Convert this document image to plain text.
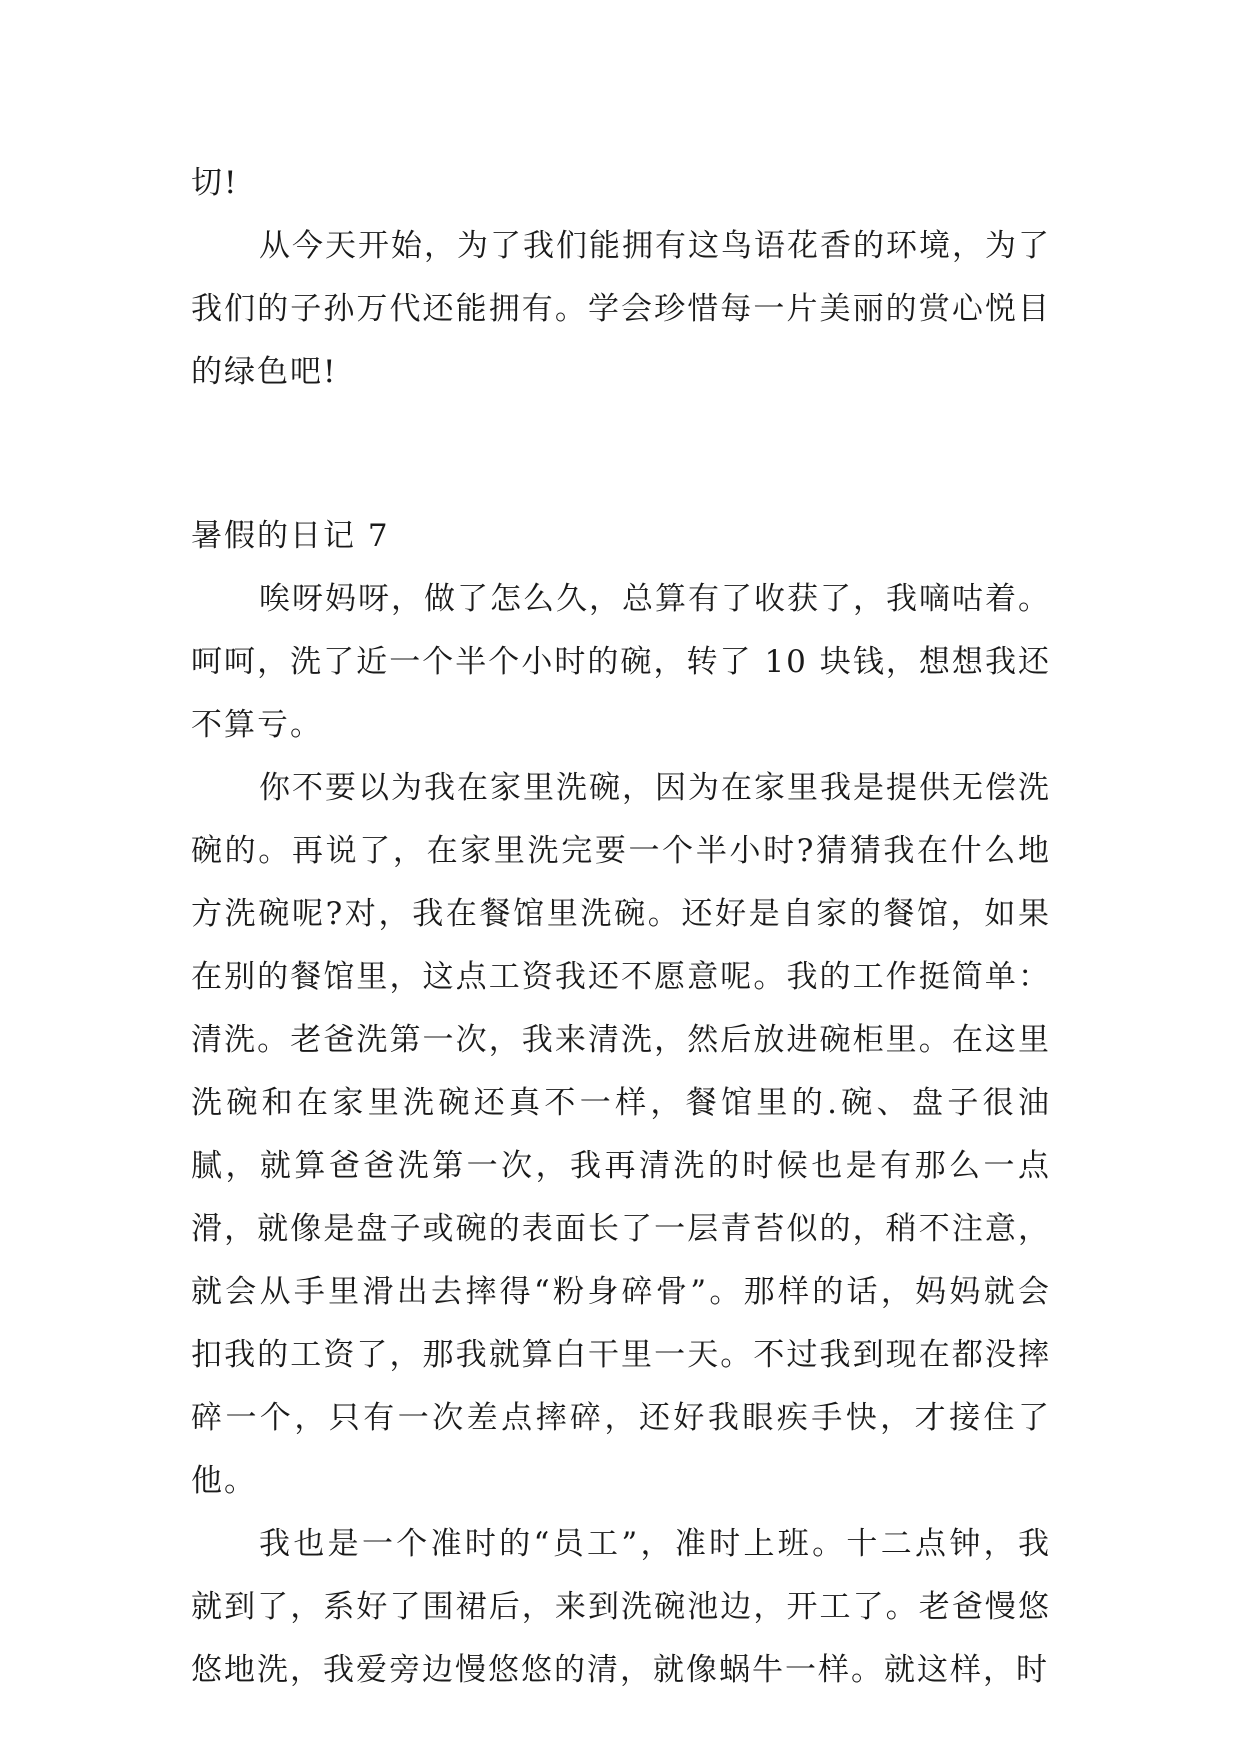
切!

从今天开始，为了我们能拥有这鸟语花香的环境，为了我们的子孙万代还能拥有。学会珍惜每一片美丽的赏心悦目的绿色吧!

暑假的日记 7

唉呀妈呀，做了怎么久，总算有了收获了，我嘀咕着。呵呵，洗了近一个半个小时的碗，转了 10 块钱，想想我还不算亏。

你不要以为我在家里洗碗，因为在家里我是提供无偿洗碗的。再说了，在家里洗完要一个半小时?猜猜我在什么地方洗碗呢?对，我在餐馆里洗碗。还好是自家的餐馆，如果在别的餐馆里，这点工资我还不愿意呢。我的工作挺简单：清洗。老爸洗第一次，我来清洗，然后放进碗柜里。在这里洗碗和在家里洗碗还真不一样，餐馆里的.碗、盘子很油腻，就算爸爸洗第一次，我再清洗的时候也是有那么一点滑，就像是盘子或碗的表面长了一层青苔似的，稍不注意，就会从手里滑出去摔得“粉身碎骨”。那样的话，妈妈就会扣我的工资了，那我就算白干里一天。不过我到现在都没摔碎一个，只有一次差点摔碎，还好我眼疾手快，才接住了他。

我也是一个准时的“员工”，准时上班。十二点钟，我就到了，系好了围裙后，来到洗碗池边，开工了。老爸慢悠悠地洗，我爱旁边慢悠悠的清，就像蜗牛一样。就这样，时
